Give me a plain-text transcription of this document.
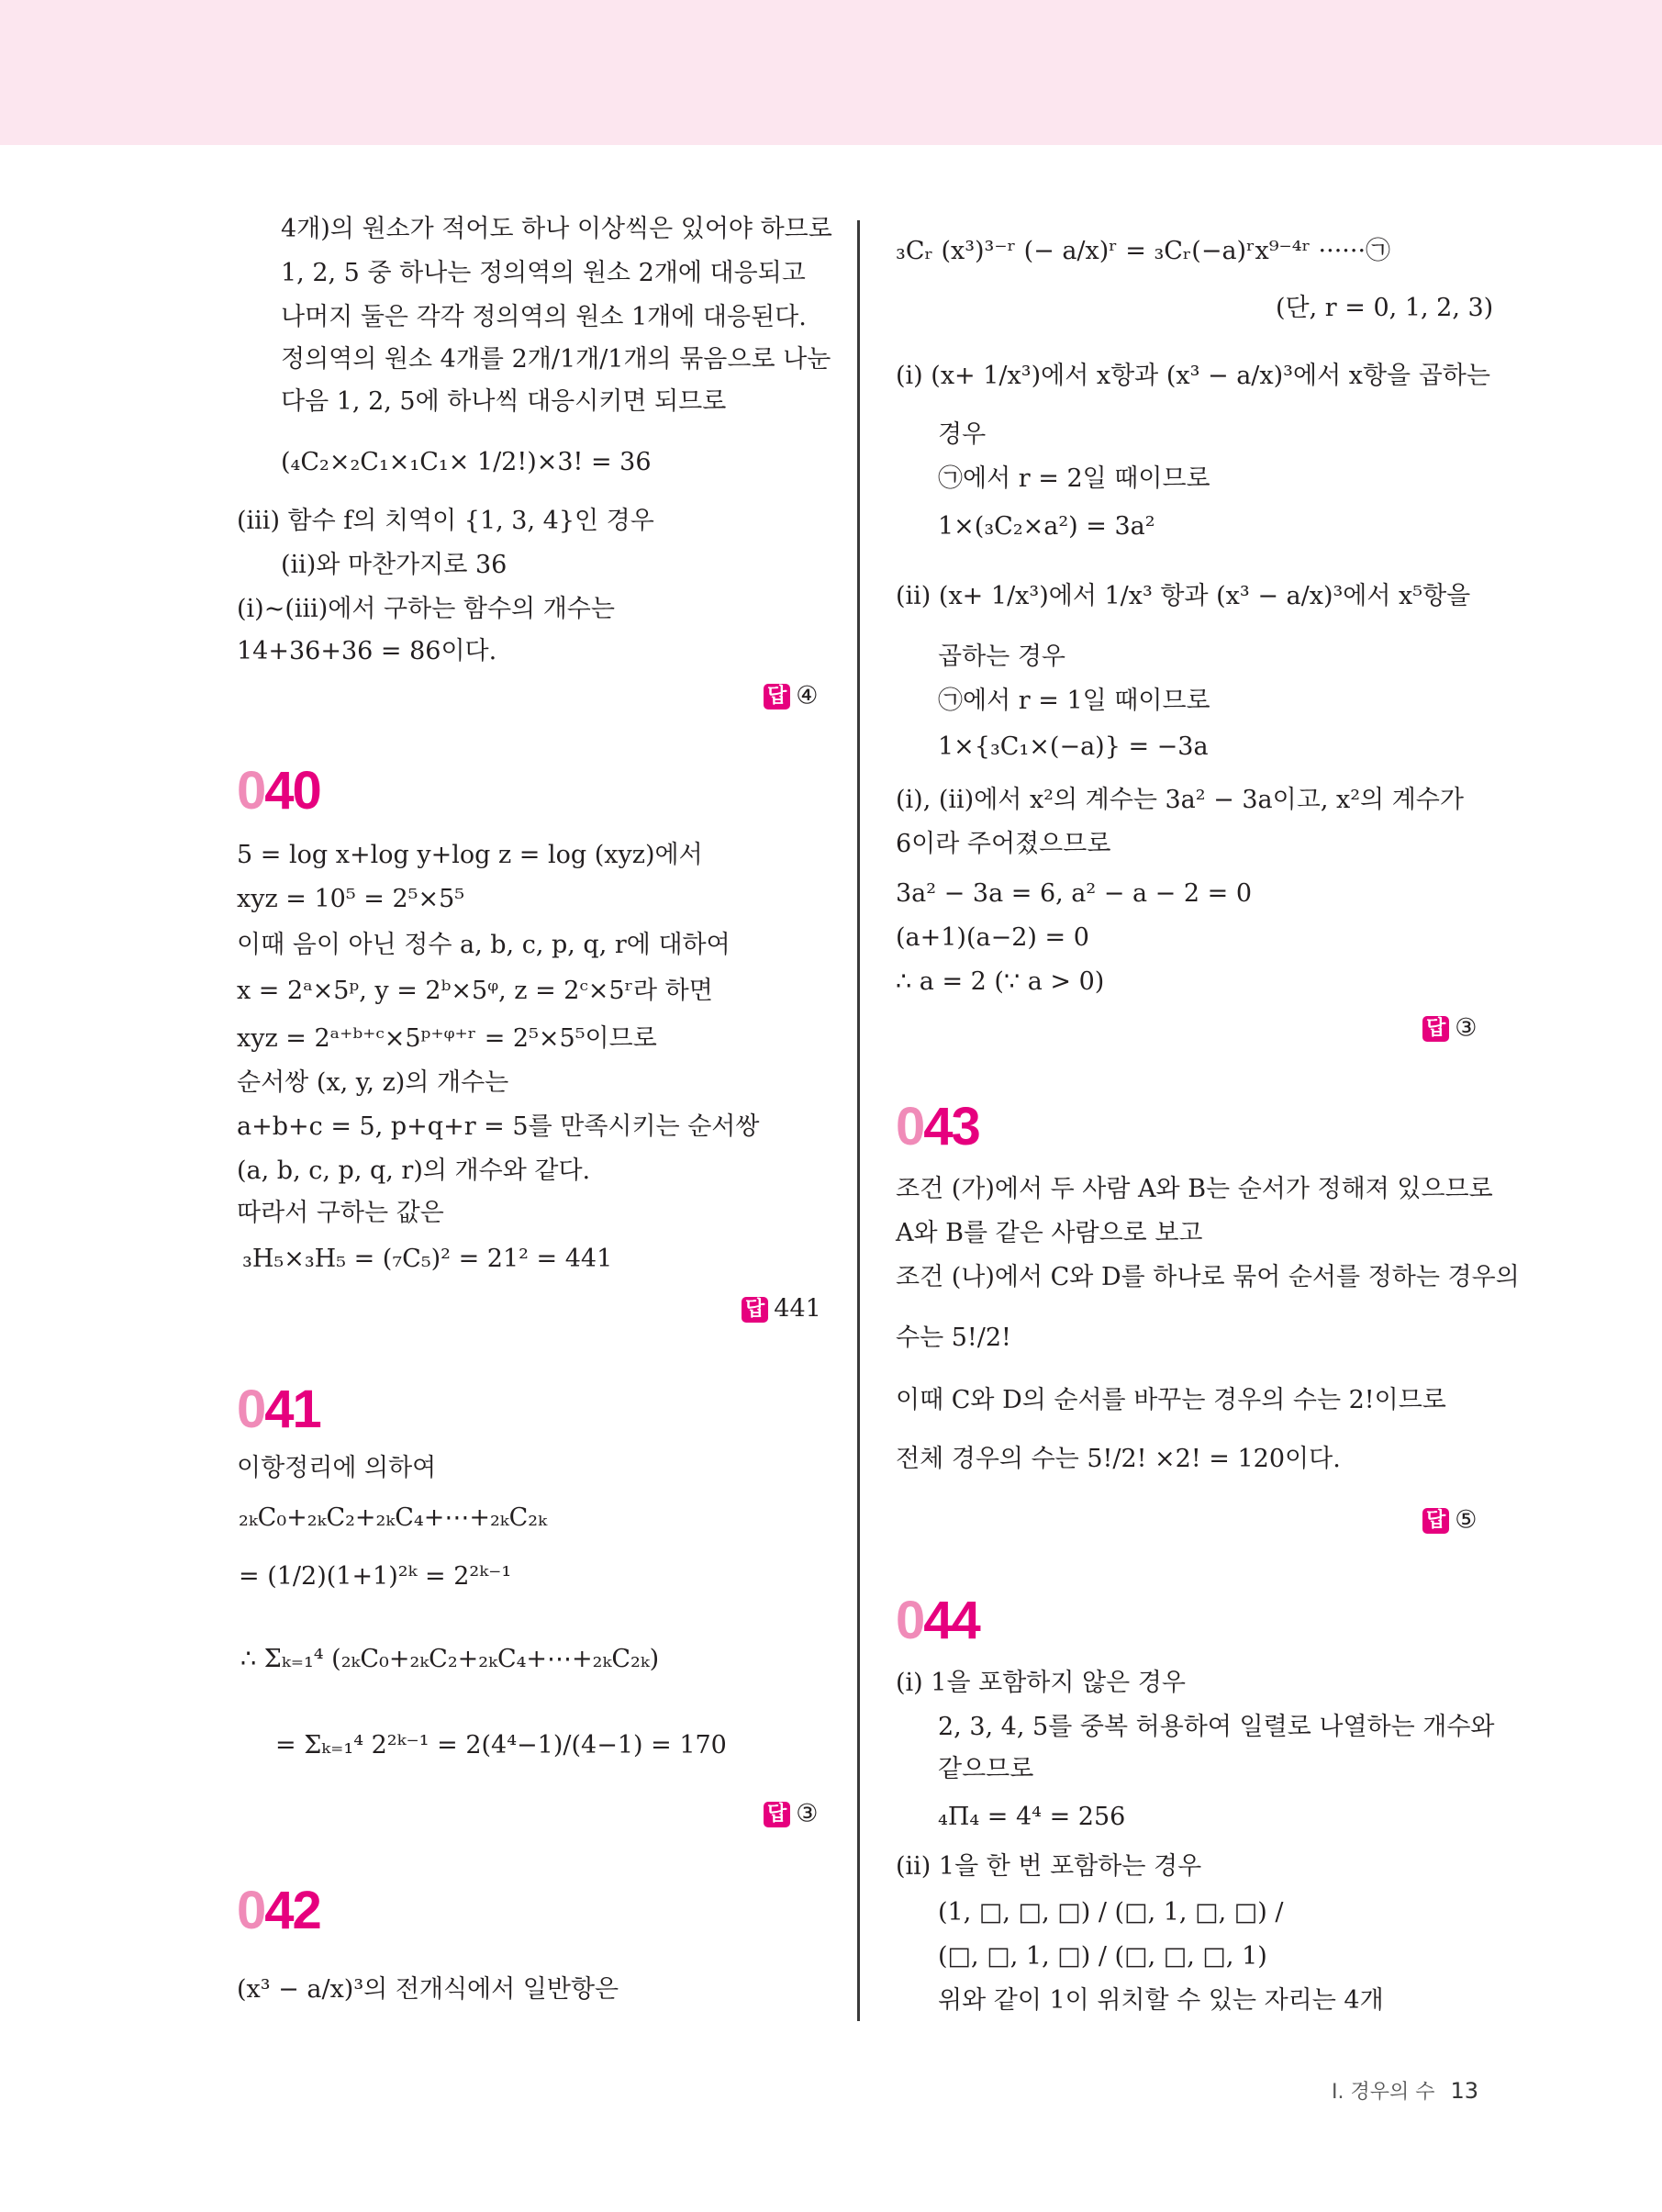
4개)의 원소가 적어도 하나 이상씩은 있어야 하므로
1, 2, 5 중 하나는 정의역의 원소 2개에 대응되고
나머지 둘은 각각 정의역의 원소 1개에 대응된다.
정의역의 원소 4개를 2개/1개/1개의 묶음으로 나눈
다음 1, 2, 5에 하나씩 대응시키면 되므로
(₄C₂×₂C₁×₁C₁× 1/2!)×3! = 36
(iii) 함수 f의 치역이 {1, 3, 4}인 경우
(ii)와 마찬가지로 36
(i)~(iii)에서 구하는 함수의 개수는
14+36+36 = 86이다.
답 ④
040
5 = log x+log y+log z = log (xyz)에서
xyz = 10⁵ = 2⁵×5⁵
이때 음이 아닌 정수 a, b, c, p, q, r에 대하여
x = 2ᵃ×5ᵖ, y = 2ᵇ×5ᵠ, z = 2ᶜ×5ʳ라 하면
xyz = 2ᵃ⁺ᵇ⁺ᶜ×5ᵖ⁺ᵠ⁺ʳ = 2⁵×5⁵이므로
순서쌍 (x, y, z)의 개수는
a+b+c = 5, p+q+r = 5를 만족시키는 순서쌍
(a, b, c, p, q, r)의 개수와 같다.
따라서 구하는 값은
₃H₅×₃H₅ = (₇C₅)² = 21² = 441
답 441
041
이항정리에 의하여
₂ₖC₀+₂ₖC₂+₂ₖC₄+⋯+₂ₖC₂ₖ
= (1/2)(1+1)²ᵏ = 2²ᵏ⁻¹
∴ Σₖ₌₁⁴ (₂ₖC₀+₂ₖC₂+₂ₖC₄+⋯+₂ₖC₂ₖ)
= Σₖ₌₁⁴ 2²ᵏ⁻¹ = 2(4⁴−1)/(4−1) = 170
답 ③
042
(x³ − a/x)³의 전개식에서 일반항은
₃Cᵣ (x³)³⁻ʳ (− a/x)ʳ = ₃Cᵣ(−a)ʳx⁹⁻⁴ʳ ······㉠
(단, r = 0, 1, 2, 3)
(i) (x+ 1/x³)에서 x항과 (x³ − a/x)³에서 x항을 곱하는
경우
㉠에서 r = 2일 때이므로
1×(₃C₂×a²) = 3a²
(ii) (x+ 1/x³)에서 1/x³ 항과 (x³ − a/x)³에서 x⁵항을
곱하는 경우
㉠에서 r = 1일 때이므로
1×{₃C₁×(−a)} = −3a
(i), (ii)에서 x²의 계수는 3a² − 3a이고, x²의 계수가
6이라 주어졌으므로
3a² − 3a = 6, a² − a − 2 = 0
(a+1)(a−2) = 0
∴ a = 2 (∵ a > 0)
답 ③
043
조건 (가)에서 두 사람 A와 B는 순서가 정해져 있으므로
A와 B를 같은 사람으로 보고
조건 (나)에서 C와 D를 하나로 묶어 순서를 정하는 경우의
수는 5!/2!
이때 C와 D의 순서를 바꾸는 경우의 수는 2!이므로
전체 경우의 수는 5!/2! ×2! = 120이다.
답 ⑤
044
(i) 1을 포함하지 않은 경우
2, 3, 4, 5를 중복 허용하여 일렬로 나열하는 개수와
같으므로
₄Π₄ = 4⁴ = 256
(ii) 1을 한 번 포함하는 경우
(1, □, □, □) / (□, 1, □, □) /
(□, □, 1, □) / (□, □, □, 1)
위와 같이 1이 위치할 수 있는 자리는 4개
Ⅰ. 경우의 수 13
